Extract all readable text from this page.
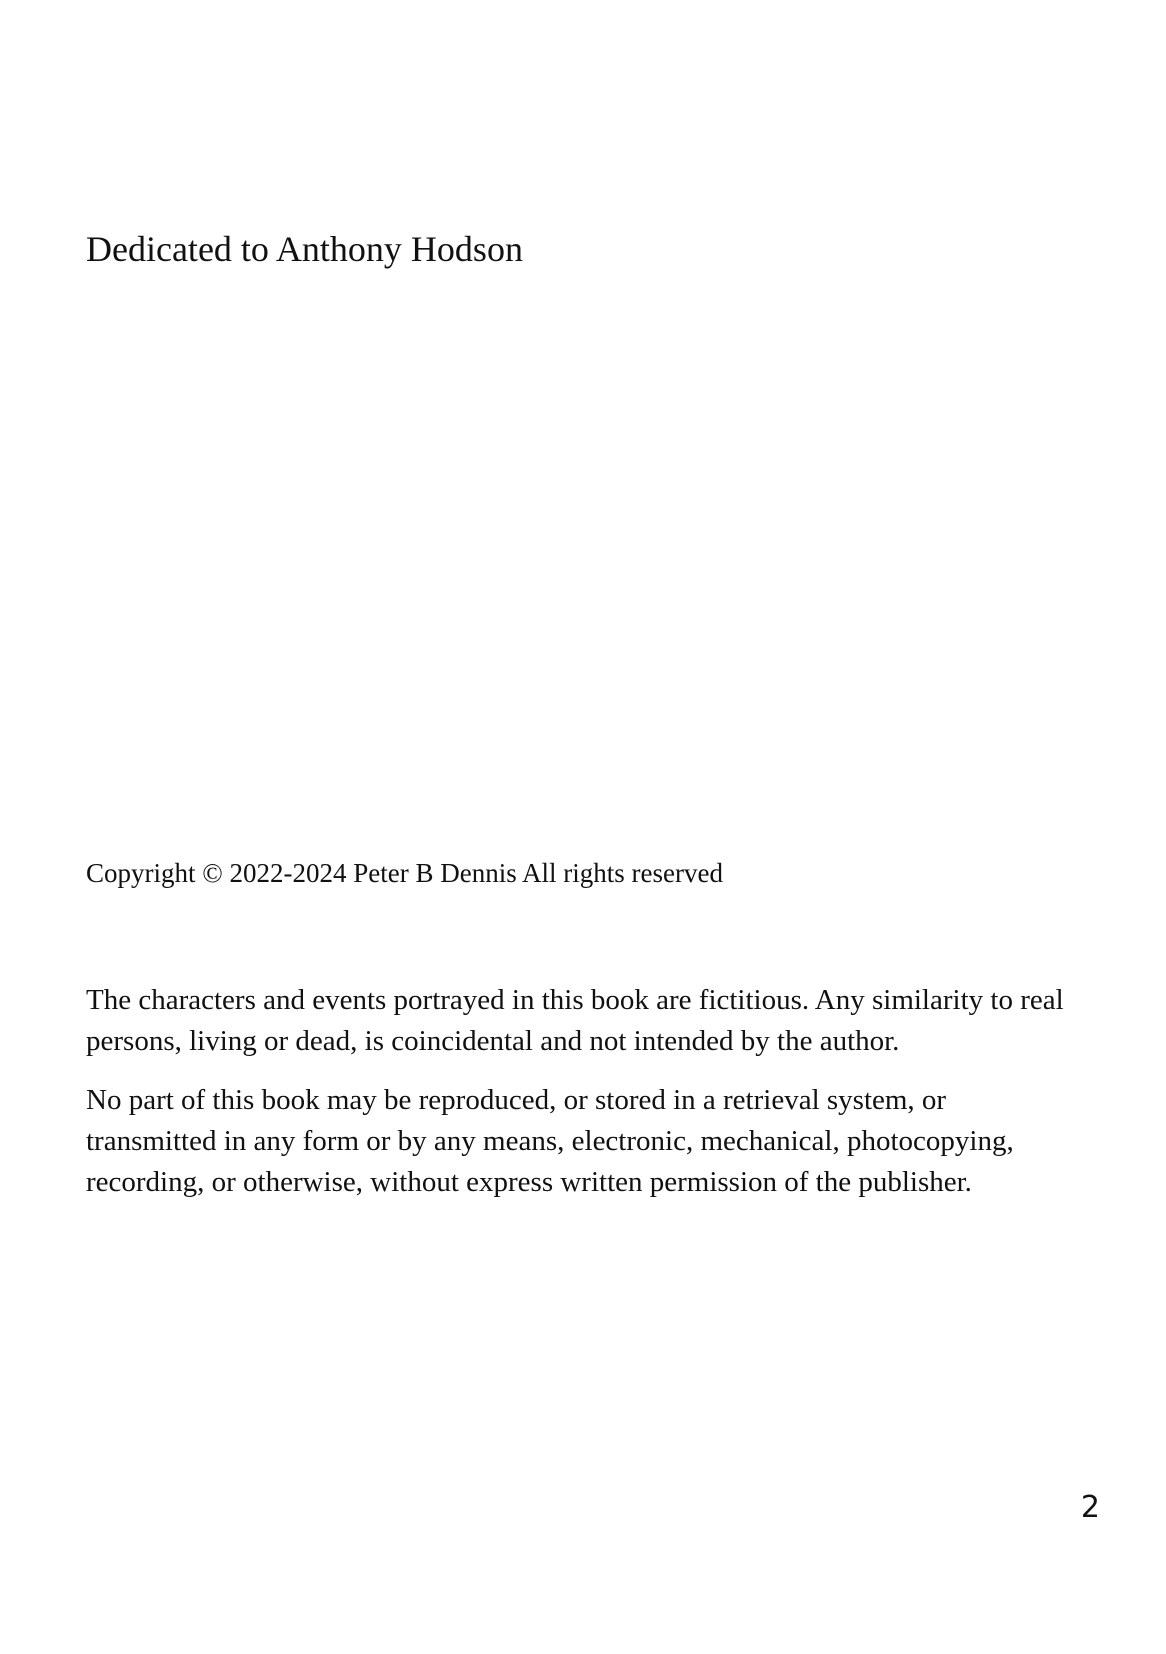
Dedicated to Anthony Hodson
Copyright © 2022-2024 Peter B Dennis All rights reserved

The characters and events portrayed in this book are fictitious. Any similarity to real persons, living or dead, is coincidental and not intended by the author.

No part of this book may be reproduced, or stored in a retrieval system, or transmitted in any form or by any means, electronic, mechanical, photocopying, recording, or otherwise, without express written permission of the publisher.

2
